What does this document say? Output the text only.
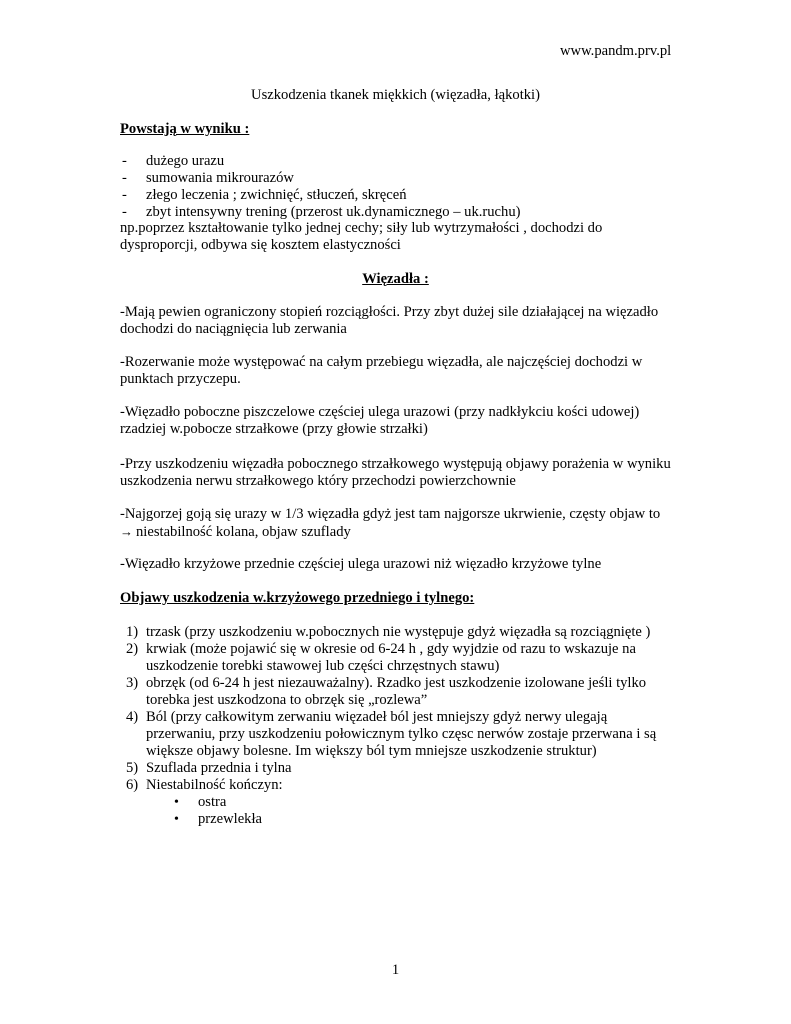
www.pandm.prv.pl
Uszkodzenia tkanek miękkich (więzadła, łąkotki)
Powstają w wyniku :
- dużego urazu
- sumowania mikrourazów
- złego leczenia ; zwichnięć, stłuczeń, skręceń
- zbyt intensywny trening (przerost uk.dynamicznego – uk.ruchu)
np.poprzez kształtowanie tylko jednej cechy; siły lub wytrzymałości , dochodzi do
dysproporcji, odbywa się kosztem elastyczności
Więzadła :
-Mają pewien ograniczony stopień rozciągłości. Przy zbyt dużej sile działającej na więzadło
dochodzi do naciągnięcia lub zerwania
-Rozerwanie może występować na całym przebiegu więzadła, ale najczęściej dochodzi w
punktach przyczepu.
-Więzadło poboczne piszczelowe częściej ulega urazowi (przy nadkłykciu kości udowej)
rzadziej w.pobocze strzałkowe (przy głowie strzałki)
-Przy uszkodzeniu więzadła pobocznego strzałkowego występują objawy porażenia w wyniku
uszkodzenia nerwu strzałkowego który przechodzi powierzchownie
-Najgorzej goją się urazy w 1/3 więzadła gdyż jest tam najgorsze ukrwienie, częsty objaw to
→ niestabilność kolana, objaw szuflady
-Więzadło krzyżowe przednie częściej ulega urazowi niż więzadło krzyżowe tylne
Objawy uszkodzenia w.krzyżowego przedniego i tylnego:
1) trzask (przy uszkodzeniu w.pobocznych nie występuje gdyż więzadła są rozciągnięte )
2) krwiak (może pojawić się w okresie od 6-24 h , gdy wyjdzie od razu to wskazuje na
uszkodzenie torebki stawowej lub części chrzęstnych stawu)
3) obrzęk (od 6-24 h jest niezauważalny). Rzadko jest uszkodzenie izolowane jeśli tylko
torebka jest uszkodzona to obrzęk się „rozlewa”
4) Ból (przy całkowitym zerwaniu więzadeł ból jest mniejszy gdyż nerwy ulegają
przerwaniu, przy uszkodzeniu połowicznym tylko częsc nerwów zostaje przerwana i są
większe objawy bolesne. Im większy ból tym mniejsze uszkodzenie struktur)
5) Szuflada przednia i tylna
6) Niestabilność kończyn:
• ostra
• przewlekła
1
